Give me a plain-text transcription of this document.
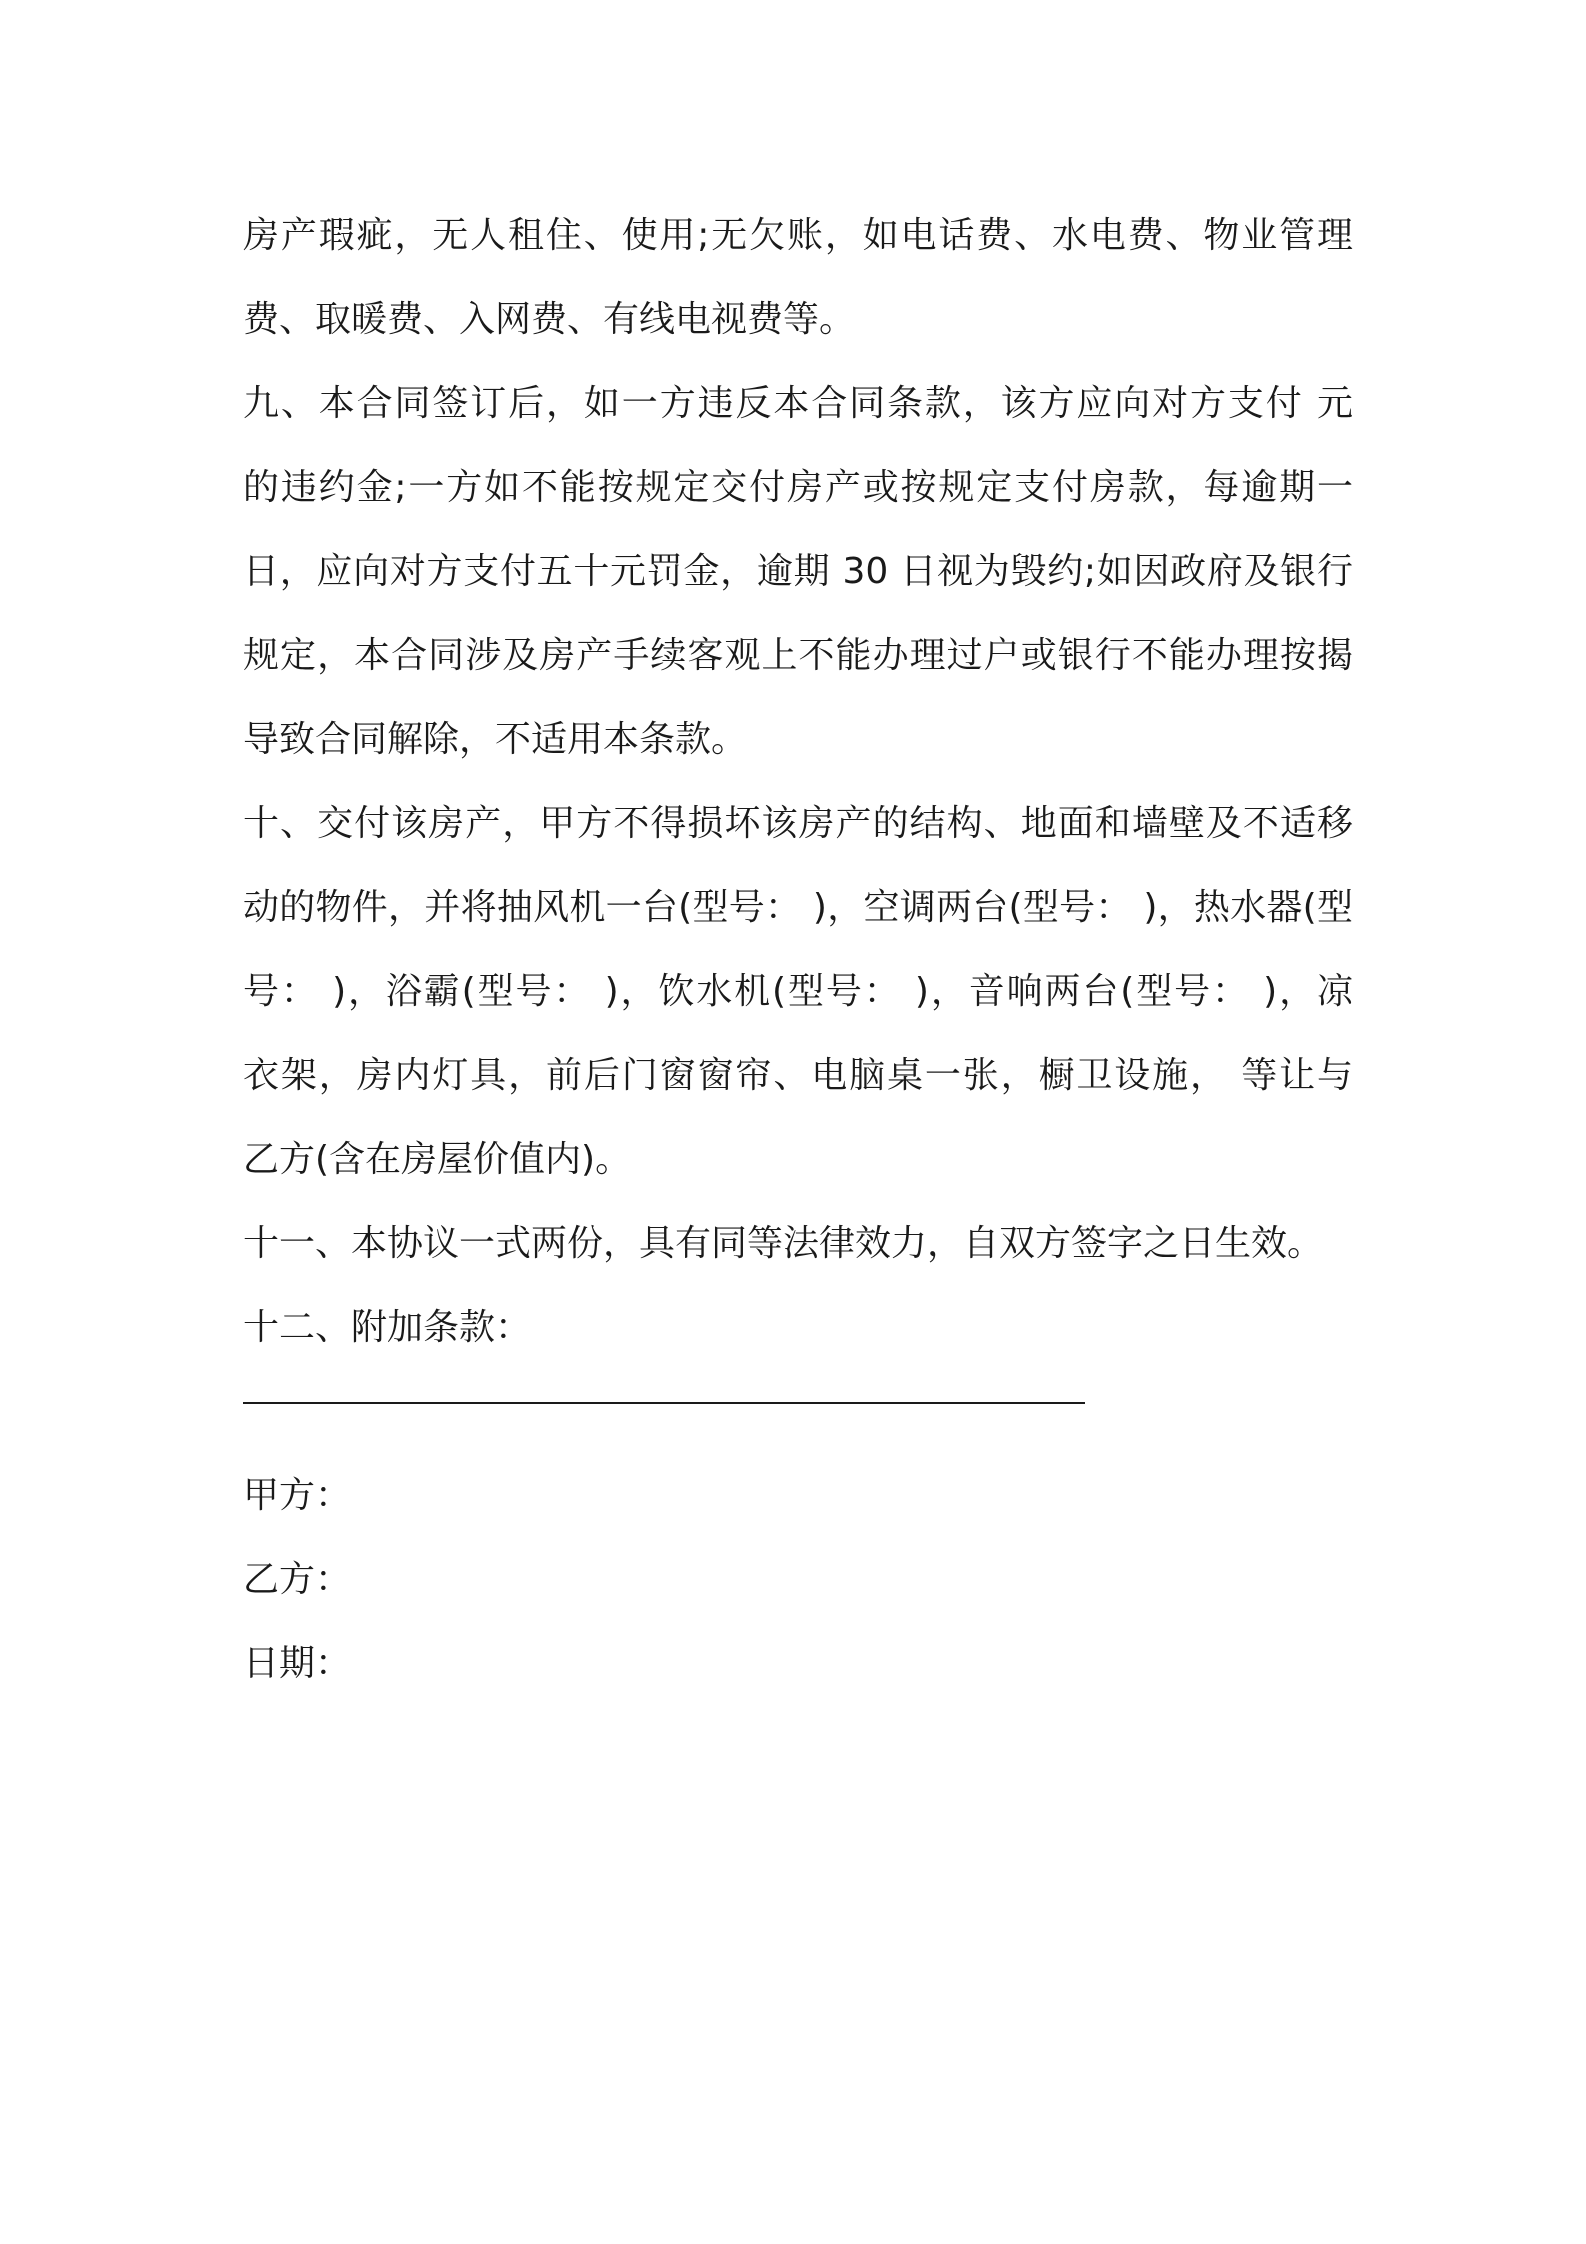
房产瑕疵，无人租住、使用;无欠账，如电话费、水电费、物业管理
费、取暖费、入网费、有线电视费等。
九、本合同签订后，如一方违反本合同条款，该方应向对方支付 元
的违约金;一方如不能按规定交付房产或按规定支付房款，每逾期一
日，应向对方支付五十元罚金，逾期 30 日视为毁约;如因政府及银行
规定，本合同涉及房产手续客观上不能办理过户或银行不能办理按揭
导致合同解除，不适用本条款。
十、交付该房产，甲方不得损坏该房产的结构、地面和墙壁及不适移
动的物件，并将抽风机一台(型号： )，空调两台(型号： )，热水器(型
号： )，浴霸(型号： )，饮水机(型号： )，音响两台(型号： )，凉
衣架，房内灯具，前后门窗窗帘、电脑桌一张，橱卫设施， 等让与
乙方(含在房屋价值内)。
十一、本协议一式两份，具有同等法律效力，自双方签字之日生效。
十二、附加条款：
甲方：
乙方：
日期：
